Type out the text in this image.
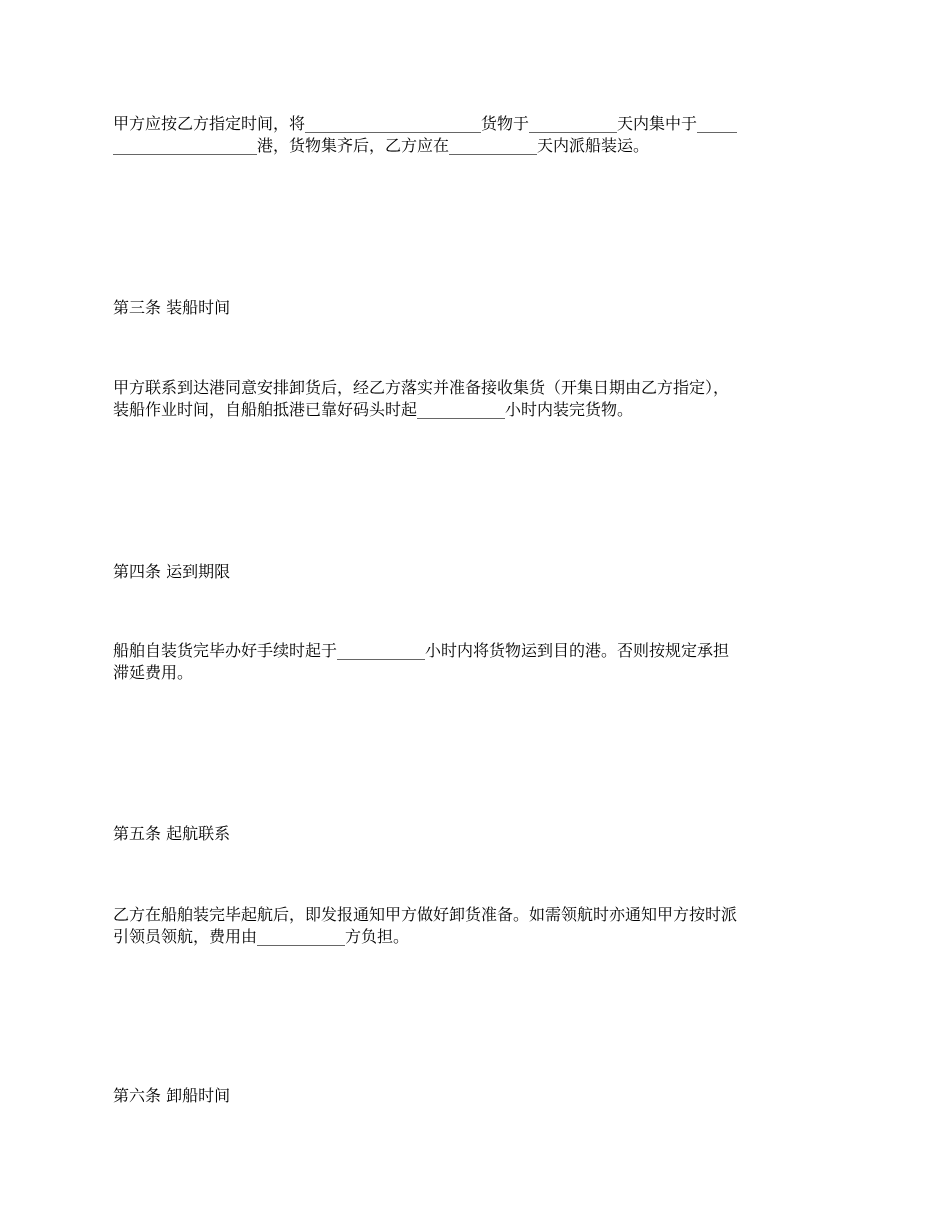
甲方应按乙方指定时间，将______________________货物于___________天内集中于_____
__________________港，货物集齐后，乙方应在___________天内派船装运。
第三条 装船时间
甲方联系到达港同意安排卸货后，经乙方落实并准备接收集货（开集日期由乙方指定），
装船作业时间，自船舶抵港已靠好码头时起___________小时内装完货物。
第四条 运到期限
船舶自装货完毕办好手续时起于___________小时内将货物运到目的港。否则按规定承担
滞延费用。
第五条 起航联系
乙方在船舶装完毕起航后，即发报通知甲方做好卸货准备。如需领航时亦通知甲方按时派
引领员领航，费用由___________方负担。
第六条 卸船时间
